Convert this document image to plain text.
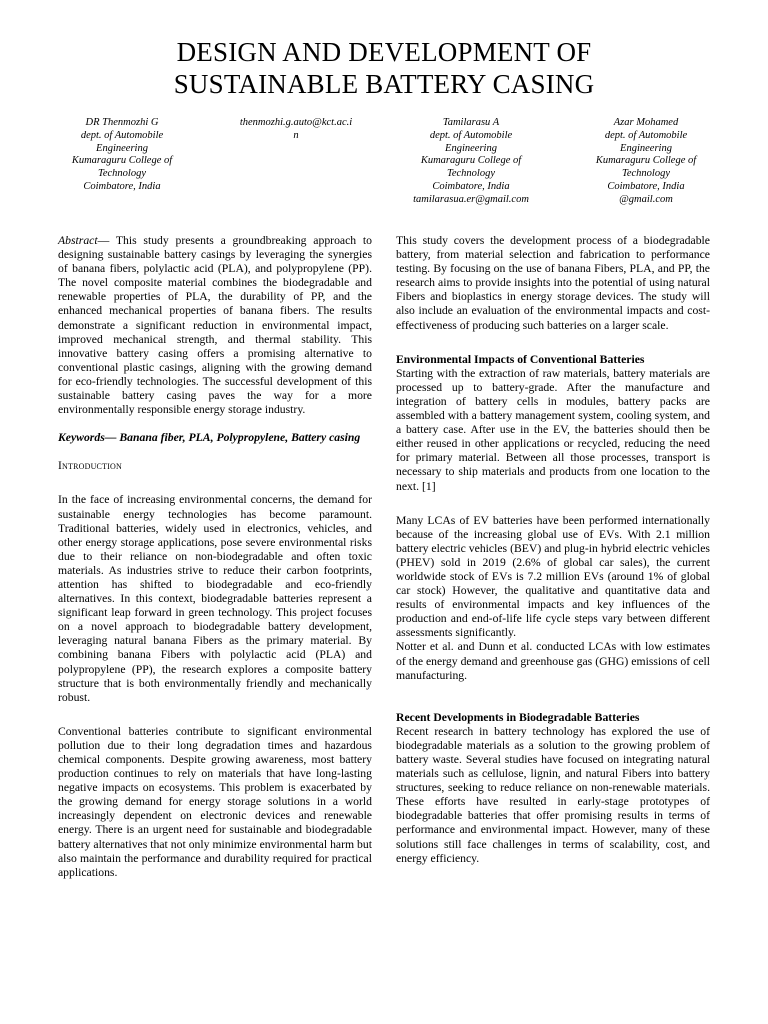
DESIGN AND DEVELOPMENT OF
SUSTAINABLE BATTERY CASING
DR Thenmozhi G
dept. of Automobile
Engineering
Kumaraguru College of
Technology
Coimbatore, India
thenmozhi.g.auto@kct.ac.i
n
Tamilarasu A
dept. of Automobile
Engineering
Kumaraguru College of
Technology
Coimbatore, India
tamilarasua.er@gmail.com
Azar Mohamed
dept. of Automobile
Engineering
Kumaraguru College of
Technology
Coimbatore, India
@gmail.com

Abstract— This study presents a groundbreaking approach to designing sustainable battery casings by leveraging the synergies of banana fibers, polylactic acid (PLA), and polypropylene (PP). The novel composite material combines the biodegradable and renewable properties of PLA, the durability of PP, and the enhanced mechanical properties of banana fibers. The results demonstrate a significant reduction in environmental impact, improved mechanical strength, and thermal stability. This innovative battery casing offers a promising alternative to conventional plastic casings, aligning with the growing demand for eco-friendly technologies. The successful development of this sustainable battery casing paves the way for a more environmentally responsible energy storage industry.

Keywords— Banana fiber, PLA, Polypropylene, Battery casing

Introduction

In the face of increasing environmental concerns, the demand for sustainable energy technologies has become paramount. Traditional batteries, widely used in electronics, vehicles, and other energy storage applications, pose severe environmental risks due to their reliance on non-biodegradable and often toxic materials. As industries strive to reduce their carbon footprints, attention has shifted to biodegradable and eco-friendly alternatives. In this context, biodegradable batteries represent a significant leap forward in green technology. This project focuses on a novel approach to biodegradable battery development, leveraging natural banana Fibers as the primary material. By combining banana Fibers with polylactic acid (PLA) and polypropylene (PP), the research explores a composite battery structure that is both environmentally friendly and mechanically robust.

Conventional batteries contribute to significant environmental pollution due to their long degradation times and hazardous chemical components. Despite growing awareness, most battery production continues to rely on materials that have long-lasting negative impacts on ecosystems. This problem is exacerbated by the growing demand for energy storage solutions in a world increasingly dependent on electronic devices and renewable energy. There is an urgent need for sustainable and biodegradable battery alternatives that not only minimize environmental harm but also maintain the performance and durability required for practical applications.

This study covers the development process of a biodegradable battery, from material selection and fabrication to performance testing. By focusing on the use of banana Fibers, PLA, and PP, the research aims to provide insights into the potential of using natural Fibers and bioplastics in energy storage devices. The study will also include an evaluation of the environmental impacts and cost-effectiveness of producing such batteries on a larger scale.

Environmental Impacts of Conventional Batteries

Starting with the extraction of raw materials, battery materials are processed up to battery-grade. After the manufacture and integration of battery cells in modules, battery packs are assembled with a battery management system, cooling system, and a battery case. After use in the EV, the batteries should then be either reused in other applications or recycled, reducing the need for primary material. Between all those processes, transport is necessary to ship materials and products from one location to the next. [1]

Many LCAs of EV batteries have been performed internationally because of the increasing global use of EVs. With 2.1 million battery electric vehicles (BEV) and plug-in hybrid electric vehicles (PHEV) sold in 2019 (2.6% of global car sales), the current worldwide stock of EVs is 7.2 million EVs (around 1% of global car stock) However, the qualitative and quantitative data and results of environmental impacts and key influences of the production and end-of-life life cycle steps vary between different assessments significantly.

Notter et al. and Dunn et al. conducted LCAs with low estimates of the energy demand and greenhouse gas (GHG) emissions of cell manufacturing.

Recent Developments in Biodegradable Batteries

Recent research in battery technology has explored the use of biodegradable materials as a solution to the growing problem of battery waste. Several studies have focused on integrating natural materials such as cellulose, lignin, and natural Fibers into battery structures, seeking to reduce reliance on non-renewable materials. These efforts have resulted in early-stage prototypes of biodegradable batteries that offer promising results in terms of performance and environmental impact. However, many of these solutions still face challenges in terms of scalability, cost, and energy efficiency.
